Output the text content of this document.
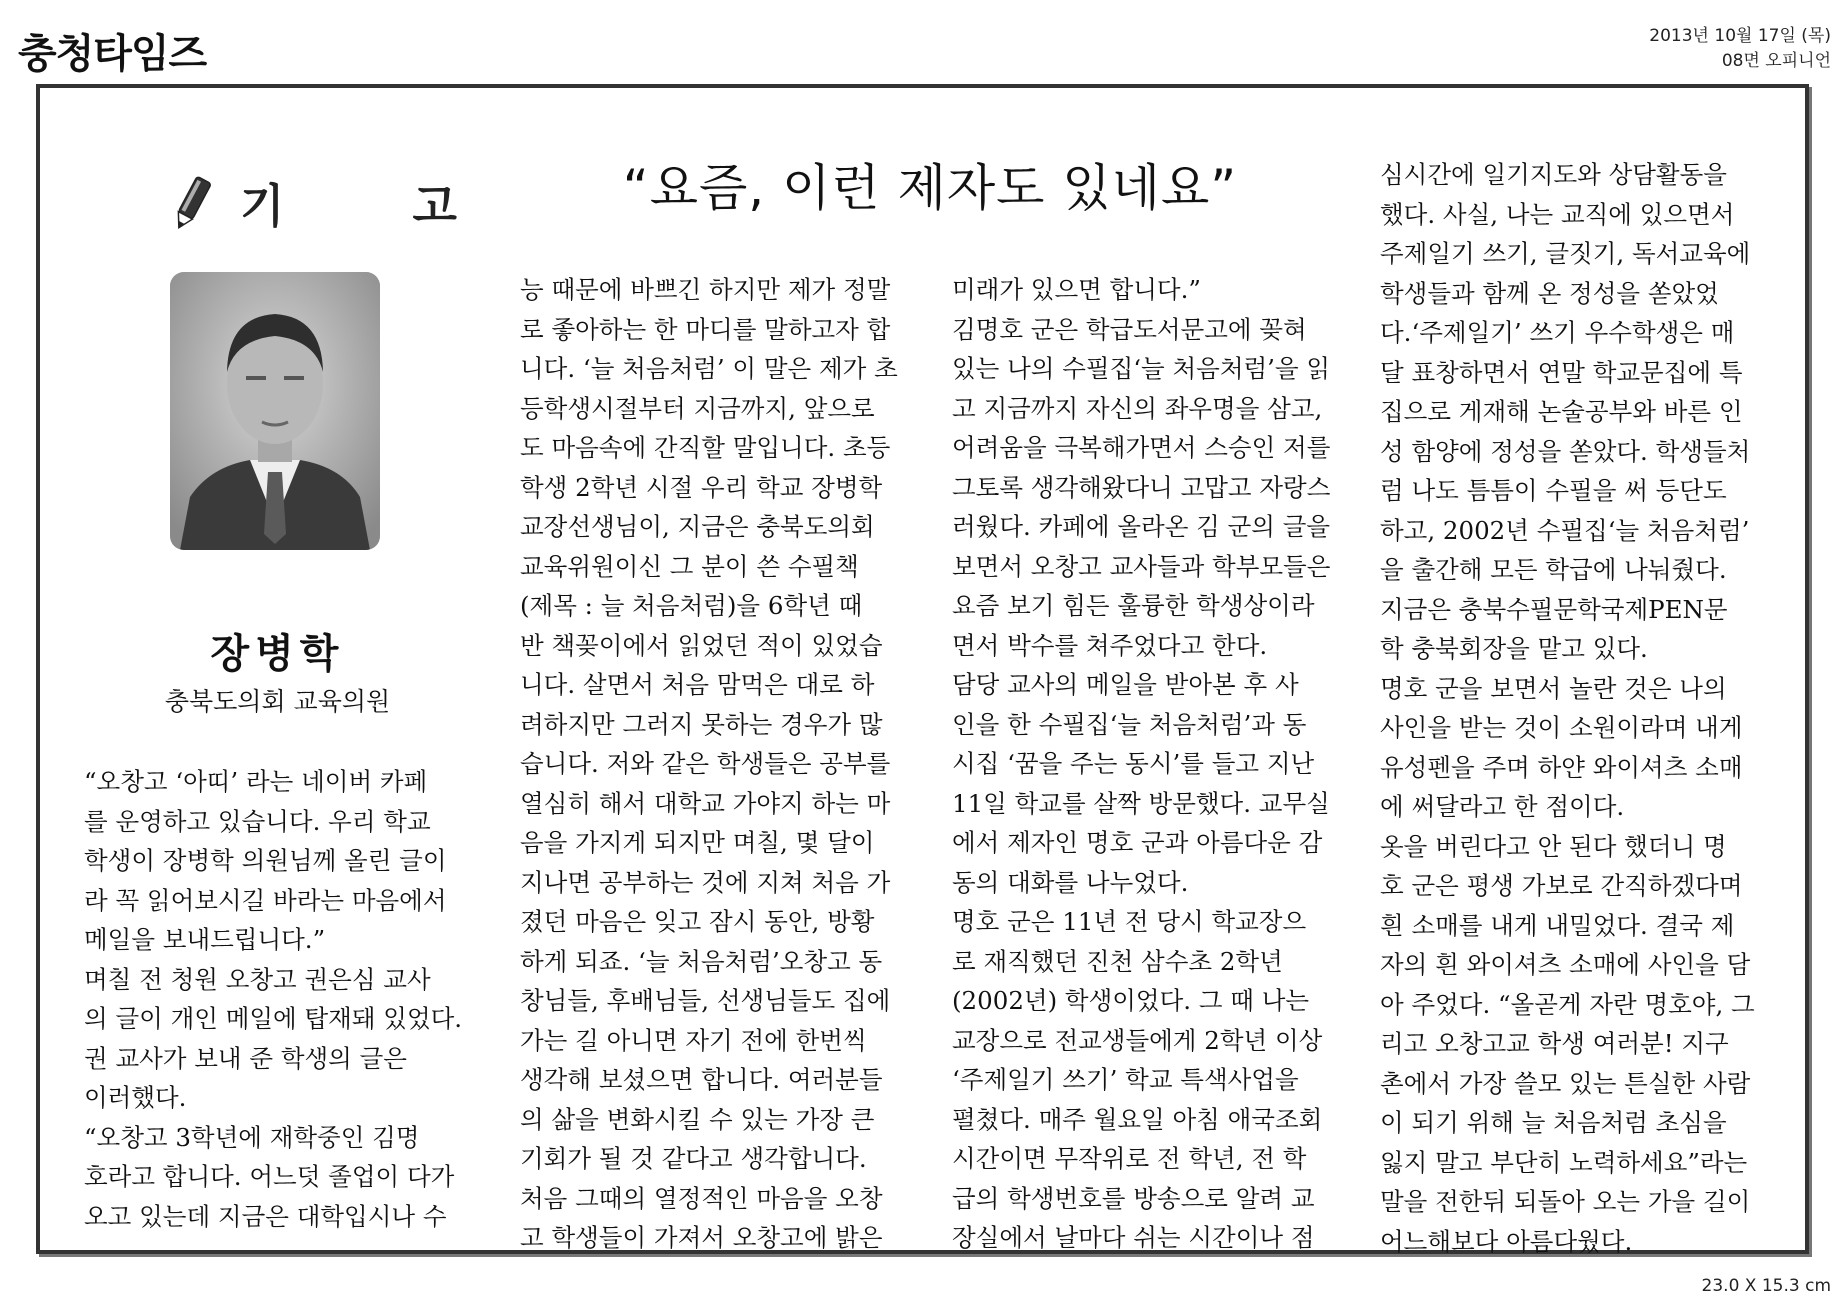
충청타임즈	2013년 10월 17일 (목)
08면 오피니언
기 고
장병학
충북도의회 교육의원
“요즘, 이런 제자도 있네요”

“오창고 ‘아띠’ 라는 네이버 카페

를 운영하고 있습니다. 우리 학교

학생이 장병학 의원님께 올린 글이

라 꼭 읽어보시길 바라는 마음에서

메일을 보내드립니다.”

며칠 전 청원 오창고 권은심 교사

의 글이 개인 메일에 탑재돼 있었다.

권 교사가 보내 준 학생의 글은

이러했다.

“오창고 3학년에 재학중인 김명

호라고 합니다. 어느덧 졸업이 다가

오고 있는데 지금은 대학입시나 수

능 때문에 바쁘긴 하지만 제가 정말

로 좋아하는 한 마디를 말하고자 합

니다. ‘늘 처음처럼’ 이 말은 제가 초

등학생시절부터 지금까지, 앞으로

도 마음속에 간직할 말입니다. 초등

학생 2학년 시절 우리 학교 장병학

교장선생님이, 지금은 충북도의회

교육위원이신 그 분이 쓴 수필책

(제목 : 늘 처음처럼)을 6학년 때

반 책꽂이에서 읽었던 적이 있었습

니다. 살면서 처음 맘먹은 대로 하

려하지만 그러지 못하는 경우가 많

습니다. 저와 같은 학생들은 공부를

열심히 해서 대학교 가야지 하는 마

음을 가지게 되지만 며칠, 몇 달이

지나면 공부하는 것에 지쳐 처음 가

졌던 마음은 잊고 잠시 동안, 방황

하게 되죠. ‘늘 처음처럼’오창고 동

창님들, 후배님들, 선생님들도 집에

가는 길 아니면 자기 전에 한번씩

생각해 보셨으면 합니다. 여러분들

의 삶을 변화시킬 수 있는 가장 큰

기회가 될 것 같다고 생각합니다.

처음 그때의 열정적인 마음을 오창

고 학생들이 가져서 오창고에 밝은

미래가 있으면 합니다.”

김명호 군은 학급도서문고에 꽂혀

있는 나의 수필집‘늘 처음처럼’을 읽

고 지금까지 자신의 좌우명을 삼고,

어려움을 극복해가면서 스승인 저를

그토록 생각해왔다니 고맙고 자랑스

러웠다. 카페에 올라온 김 군의 글을

보면서 오창고 교사들과 학부모들은

요즘 보기 힘든 훌륭한 학생상이라

면서 박수를 쳐주었다고 한다.

담당 교사의 메일을 받아본 후 사

인을 한 수필집‘늘 처음처럼’과 동

시집 ‘꿈을 주는 동시’를 들고 지난

11일 학교를 살짝 방문했다. 교무실

에서 제자인 명호 군과 아름다운 감

동의 대화를 나누었다.

명호 군은 11년 전 당시 학교장으

로 재직했던 진천 삼수초 2학년

(2002년) 학생이었다. 그 때 나는

교장으로 전교생들에게 2학년 이상

‘주제일기 쓰기’ 학교 특색사업을

펼쳤다. 매주 월요일 아침 애국조회

시간이면 무작위로 전 학년, 전 학

급의 학생번호를 방송으로 알려 교

장실에서 날마다 쉬는 시간이나 점

심시간에 일기지도와 상담활동을

했다. 사실, 나는 교직에 있으면서

주제일기 쓰기, 글짓기, 독서교육에

학생들과 함께 온 정성을 쏟았었

다.‘주제일기’ 쓰기 우수학생은 매

달 표창하면서 연말 학교문집에 특

집으로 게재해 논술공부와 바른 인

성 함양에 정성을 쏟았다. 학생들처

럼 나도 틈틈이 수필을 써 등단도

하고, 2002년 수필집‘늘 처음처럼’

을 출간해 모든 학급에 나눠줬다.

지금은 충북수필문학국제PEN문

학 충북회장을 맡고 있다.

명호 군을 보면서 놀란 것은 나의

사인을 받는 것이 소원이라며 내게

유성펜을 주며 하얀 와이셔츠 소매

에 써달라고 한 점이다.

옷을 버린다고 안 된다 했더니 명

호 군은 평생 가보로 간직하겠다며

흰 소매를 내게 내밀었다. 결국 제

자의 흰 와이셔츠 소매에 사인을 담

아 주었다. “올곧게 자란 명호야, 그

리고 오창고교 학생 여러분! 지구

촌에서 가장 쓸모 있는 튼실한 사람

이 되기 위해 늘 처음처럼 초심을

잃지 말고 부단히 노력하세요”라는

말을 전한뒤 되돌아 오는 가을 길이

어느해보다 아름다웠다.

23.0 X 15.3 cm
